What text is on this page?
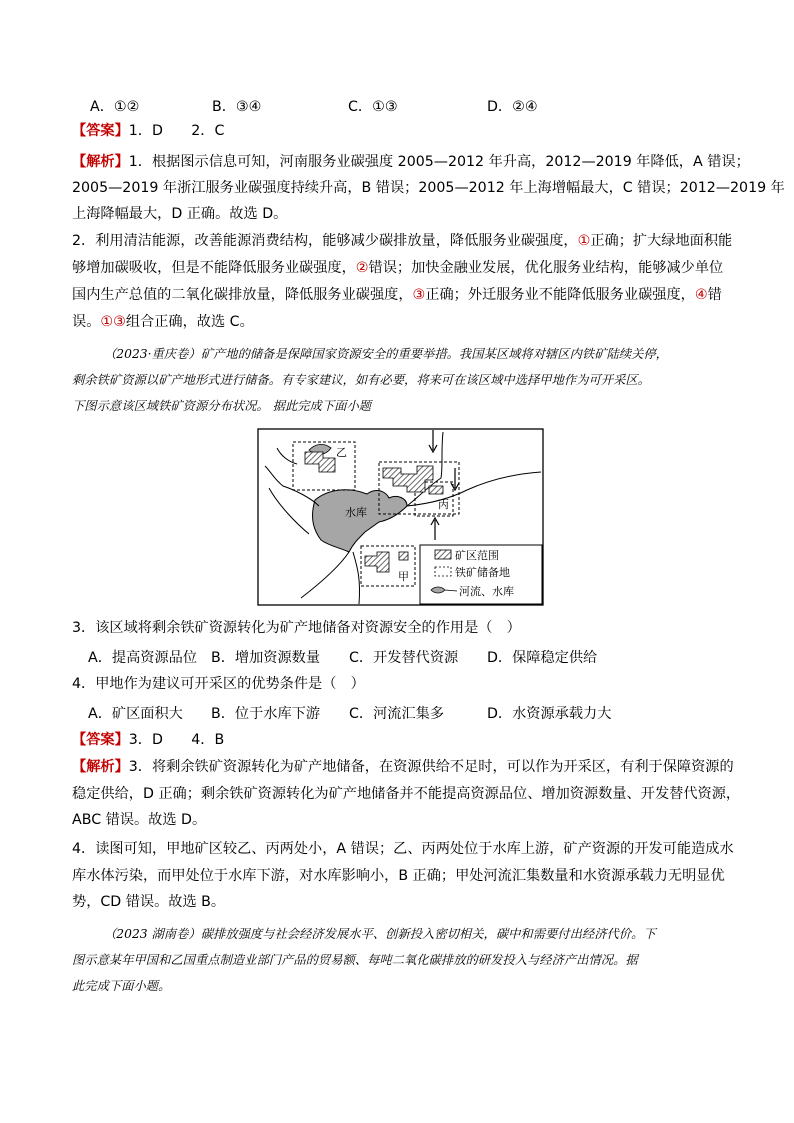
A．①②	B．③④	C．①③	D．②④
【答案】1．D　　2．C
【解析】1．根据图示信息可知，河南服务业碳强度 2005—2012 年升高，2012—2019 年降低，A 错误；
2005—2019 年浙江服务业碳强度持续升高，B 错误；2005—2012 年上海增幅最大，C 错误；2012—2019 年
上海降幅最大，D 正确。故选 D。
2．利用清洁能源，改善能源消费结构，能够减少碳排放量，降低服务业碳强度，①正确；扩大绿地面积能
够增加碳吸收，但是不能降低服务业碳强度，②错误；加快金融业发展，优化服务业结构，能够减少单位
国内生产总值的二氧化碳排放量，降低服务业碳强度，③正确；外迁服务业不能降低服务业碳强度，④错
误。①③组合正确，故选 C。
（2023·重庆卷）矿产地的储备是保障国家资源安全的重要举措。我国某区域将对辖区内铁矿陆续关停，
剩余铁矿资源以矿产地形式进行储备。有专家建议，如有必要，将来可在该区域中选择甲地作为可开采区。
下图示意该区域铁矿资源分布状况。 据此完成下面小题
乙
丙
水库
甲
矿区范围
铁矿储备地
河流、水库
3．该区域将剩余铁矿资源转化为矿产地储备对资源安全的作用是（　）
A．提高资源品位 B．增加资源数量 C．开发替代资源 D．保障稳定供给
4．甲地作为建议可开采区的优势条件是（　）
A．矿区面积大 B．位于水库下游 C．河流汇集多	D．水资源承载力大
【答案】3．D　　4．B
【解析】3．将剩余铁矿资源转化为矿产地储备，在资源供给不足时，可以作为开采区，有利于保障资源的
稳定供给，D 正确；剩余铁矿资源转化为矿产地储备并不能提高资源品位、增加资源数量、开发替代资源，
ABC 错误。故选 D。
4．读图可知，甲地矿区较乙、丙两处小，A 错误；乙、丙两处位于水库上游，矿产资源的开发可能造成水
库水体污染，而甲处位于水库下游，对水库影响小，B 正确；甲处河流汇集数量和水资源承载力无明显优
势，CD 错误。故选 B。
（2023 湖南卷）碳排放强度与社会经济发展水平、创新投入密切相关，碳中和需要付出经济代价。下
图示意某年甲国和乙国重点制造业部门产品的贸易额、每吨二氧化碳排放的研发投入与经济产出情况。据
此完成下面小题。
